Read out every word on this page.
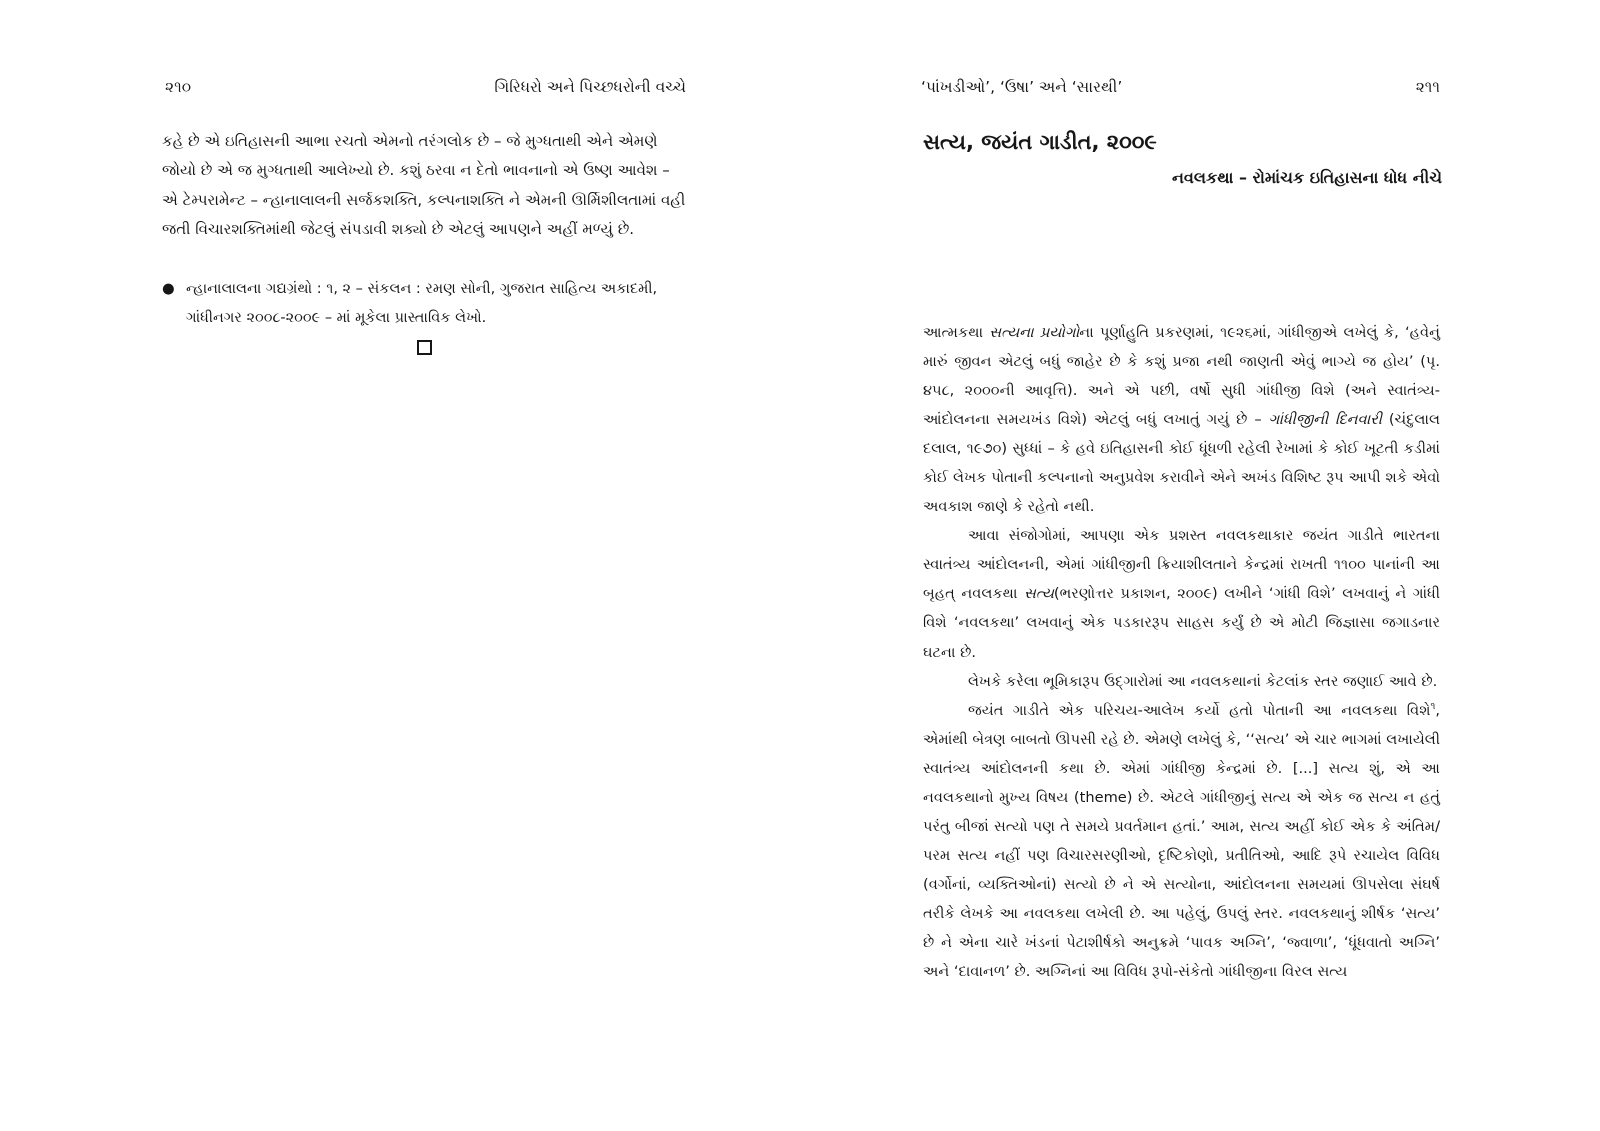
૨૧૦	ગિરિધરો અને પિચ્છધરોની વચ્ચે

કહે છે એ ઇતિહાસની આભા રચતો એમનો તરંગલોક છે – જે મુગ્ધતાથી એને એમણે જોયો છે એ જ મુગ્ધતાથી આલેખ્યો છે. કશું ઠરવા ન દેતો ભાવનાનો એ ઉષ્ણ આવેશ – એ ટેમ્પરામેન્ટ – ન્હાનાલાલની સર્જકશક્તિ, કલ્પનાશક્તિ ને એમની ઊર્મિશીલતામાં વહી જતી વિચારશક્તિમાંથી જેટલું સંપડાવી શક્યો છે એટલું આપણને અહીં મળ્યું છે.

● ન્હાનાલાલના ગદ્યગ્રંથો : ૧, ૨ – સંકલન : રમણ સોની, ગુજરાત સાહિત્ય અકાદમી, ગાંધીનગર ૨૦૦૮-૨૦૦૯ – માં મૂકેલા પ્રાસ્તાવિક લેખો.
‘પાંખડીઓ’, ‘ઉષા’ અને ‘સારથી’	૨૧૧
સત્ય, જયંત ગાડીત, ૨૦૦૯
નવલકથા – રોમાંચક ઇતિહાસના ધોધ નીચે

આત્મકથા સત્યના પ્રયોગોના પૂર્ણાહુતિ પ્રકરણમાં, ૧૯૨૬માં, ગાંધીજીએ લખેલું કે, ‘હવેનું મારું જીવન એટલું બધું જાહેર છે કે કશું પ્રજા નથી જાણતી એવું ભાગ્યે જ હોય’ (પૃ. ૪૫૮, ૨૦૦૦ની આવૃત્તિ). અને એ પછી, વર્ષો સુધી ગાંધીજી વિશે (અને સ્વાતંત્ર્ય-આંદોલનના સમયખંડ વિશે) એટલું બધું લખાતું ગયું છે – ગાંધીજીની દિનવારી (ચંદુલાલ દલાલ, ૧૯૭૦) સુધ્ધાં – કે હવે ઇતિહાસની કોઈ ધૂંધળી રહેલી રેખામાં કે કોઈ ખૂટતી કડીમાં કોઈ લેખક પોતાની કલ્પનાનો અનુપ્રવેશ કરાવીને એને અખંડ વિશિષ્ટ રૂપ આપી શકે એવો અવકાશ જાણે કે રહેતો નથી.

આવા સંજોગોમાં, આપણા એક પ્રશસ્ત નવલકથાકાર જયંત ગાડીતે ભારતના સ્વાતંત્ર્ય આંદોલનની, એમાં ગાંધીજીની ક્રિયાશીલતાને કેન્દ્રમાં રાખતી ૧૧૦૦ પાનાંની આ બૃહત્ નવલકથા સત્ય(ભરણોત્તર પ્રકાશન, ૨૦૦૯) લખીને ‘ગાંધી વિશે’ લખવાનું ને ગાંધી વિશે ‘નવલકથા’ લખવાનું એક પડકારરૂપ સાહસ કર્યું છે એ મોટી જિજ્ઞાસા જગાડનાર ઘટના છે.

લેખકે કરેલા ભૂમિકારૂપ ઉદ્ગારોમાં આ નવલકથાનાં કેટલાંક સ્તર જણાઈ આવે છે.

જયંત ગાડીતે એક પરિચય-આલેખ કર્યો હતો પોતાની આ નવલકથા વિશે$^૧$, એમાંથી બેત્રણ બાબતો ઊપસી રહે છે. એમણે લખેલું કે, ‘‘સત્ય’ એ ચાર ભાગમાં લખાયેલી સ્વાતંત્ર્ય આંદોલનની કથા છે. એમાં ગાંધીજી કેન્દ્રમાં છે. [...] સત્ય શું, એ આ નવલકથાનો મુખ્ય વિષય (theme) છે. એટલે ગાંધીજીનું સત્ય એ એક જ સત્ય ન હતું પરંતુ બીજાં સત્યો પણ તે સમયે પ્રવર્તમાન હતાં.’ આમ, સત્ય અહીં કોઈ એક કે અંતિમ/પરમ સત્ય નહીં પણ વિચારસરણીઓ, દૃષ્ટિકોણો, પ્રતીતિઓ, આદિ રૂપે રચાયેલ વિવિધ (વર્ગોનાં, વ્યક્તિઓનાં) સત્યો છે ને એ સત્યોના, આંદોલનના સમયમાં ઊપસેલા સંઘર્ષ તરીકે લેખકે આ નવલકથા લખેલી છે. આ પહેલું, ઉપલું સ્તર. નવલકથાનું શીર્ષક ‘સત્ય’ છે ને એના ચારે ખંડનાં પેટાશીર્ષકો અનુક્રમે ‘પાવક અગ્નિ’, ‘જ્વાળા’, ‘ધૂંધવાતો અગ્નિ’ અને ‘દાવાનળ’ છે. અગ્નિનાં આ વિવિધ રૂપો-સંકેતો ગાંધીજીના વિરલ સત્ય
